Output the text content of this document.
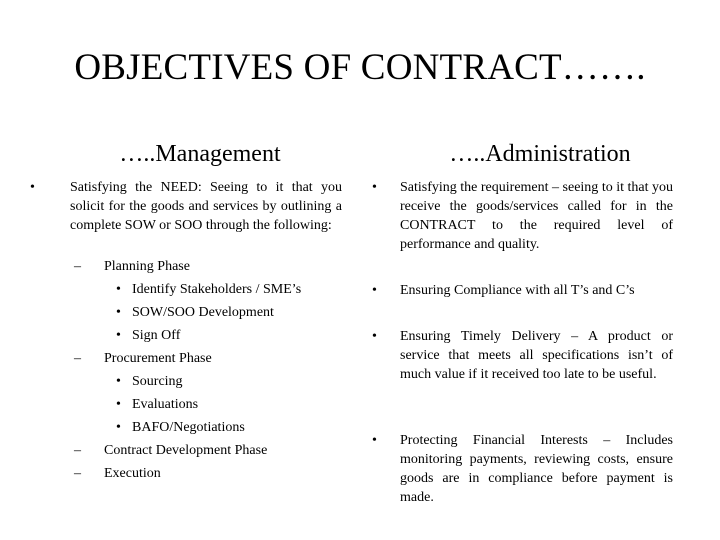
OBJECTIVES OF CONTRACT…….
…..Management	…..Administration
•	Satisfying the NEED: Seeing to it that you solicit for the goods and services by outlining a complete SOW or SOO through the following:
– Planning Phase
• Identify Stakeholders / SME’s
• SOW/SOO Development
• Sign Off
– Procurement Phase
• Sourcing
• Evaluations
• BAFO/Negotiations
– Contract Development Phase
– Execution
• Satisfying the requirement – seeing to it that you receive the goods/services called for in the CONTRACT to the required level of performance and quality.
• Ensuring Compliance with all T’s and C’s
• Ensuring Timely Delivery – A product or service that meets all specifications isn’t of much value if it received too late to be useful.
• Protecting Financial Interests – Includes monitoring payments, reviewing costs, ensure goods are in compliance before payment is made.
